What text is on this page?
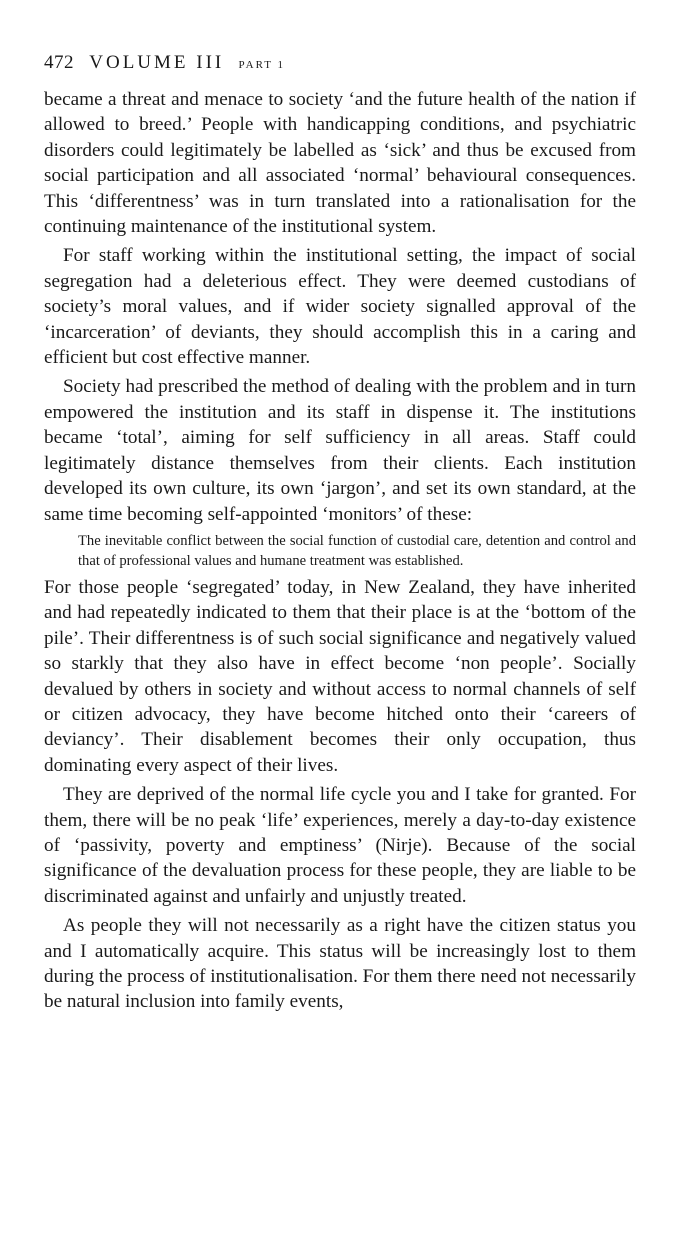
472 VOLUME III PART 1

became a threat and menace to society ‘and the future health of the nation if allowed to breed.’ People with handicapping conditions, and psychiatric disorders could legitimately be labelled as ‘sick’ and thus be excused from social participation and all associated ‘normal’ behavioural consequences. This ‘differentness’ was in turn translated into a rationalisation for the continuing maintenance of the institutional system.

For staff working within the institutional setting, the impact of social segregation had a deleterious effect. They were deemed custodians of society’s moral values, and if wider society signalled approval of the ‘incarceration’ of deviants, they should accomplish this in a caring and efficient but cost effective manner.

Society had prescribed the method of dealing with the problem and in turn empowered the institution and its staff in dispense it. The institutions became ‘total’, aiming for self sufficiency in all areas. Staff could legitimately distance themselves from their clients. Each institution developed its own culture, its own ‘jargon’, and set its own standard, at the same time becoming self-appointed ‘monitors’ of these:

The inevitable conflict between the social function of custodial care, detention and control and that of professional values and humane treatment was established.

For those people ‘segregated’ today, in New Zealand, they have inherited and had repeatedly indicated to them that their place is at the ‘bottom of the pile’. Their differentness is of such social significance and negatively valued so starkly that they also have in effect become ‘non people’. Socially devalued by others in society and without access to normal channels of self or citizen advocacy, they have become hitched onto their ‘careers of deviancy’. Their disablement becomes their only occupation, thus dominating every aspect of their lives.

They are deprived of the normal life cycle you and I take for granted. For them, there will be no peak ‘life’ experiences, merely a day-to-day existence of ‘passivity, poverty and emptiness’ (Nirje). Because of the social significance of the devaluation process for these people, they are liable to be discriminated against and unfairly and unjustly treated.

As people they will not necessarily as a right have the citizen status you and I automatically acquire. This status will be increasingly lost to them during the process of institutionalisation. For them there need not necessarily be natural inclusion into family events,
